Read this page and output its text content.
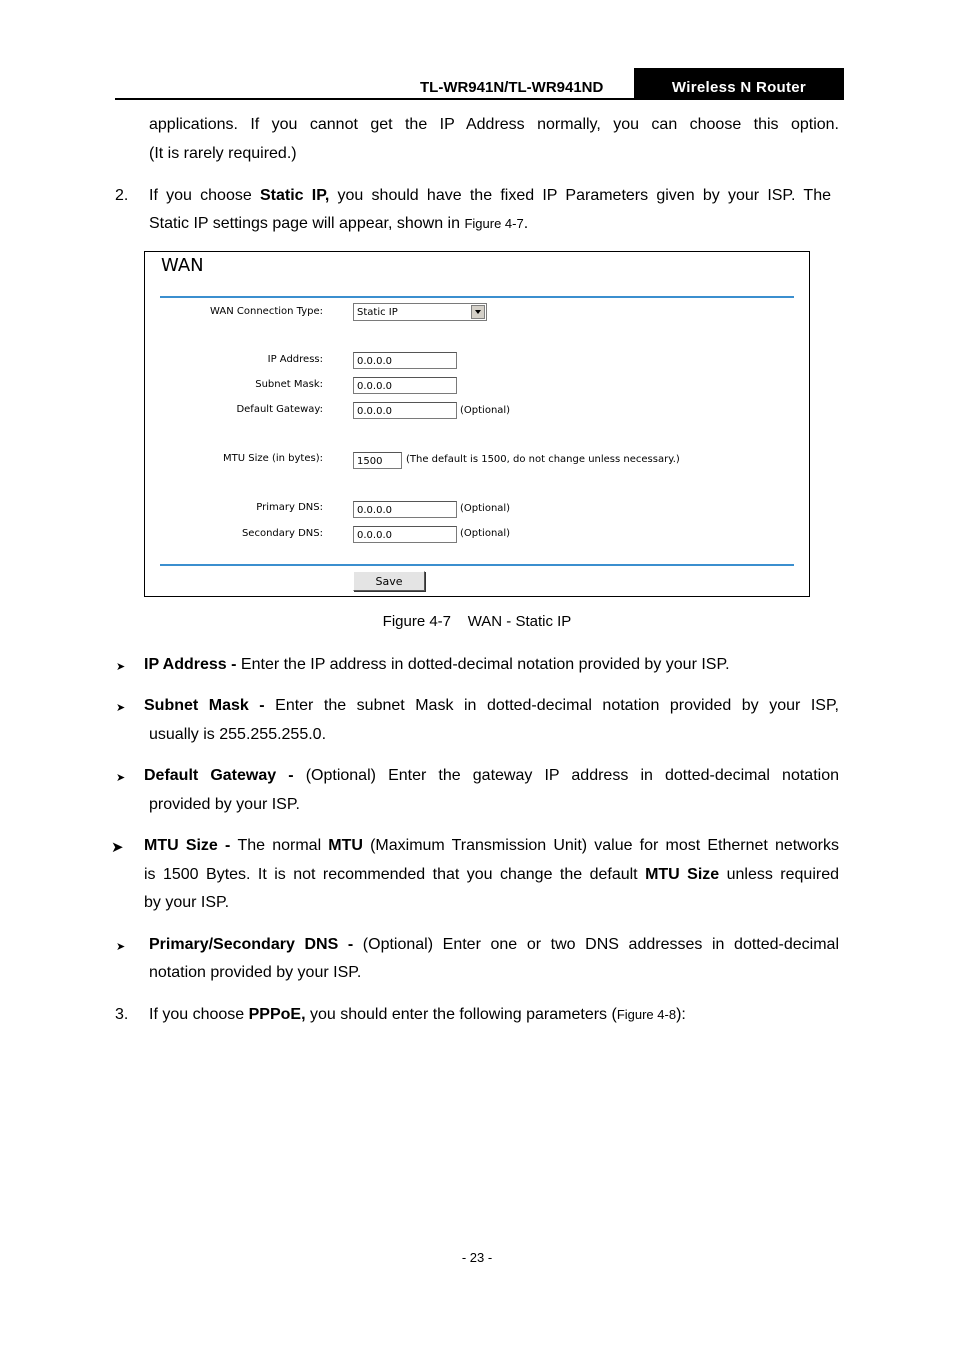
TL-WR941N/TL-WR941ND	Wireless N Router
applications. If you cannot get the IP Address normally, you can choose this option.
(It is rarely required.)
2. If you choose Static IP, you should have the fixed IP Parameters given by your ISP. The
Static IP settings page will appear, shown in Figure 4-7.
WAN
WAN Connection Type:	Static IP
IP Address:	0.0.0.0
Subnet Mask:	0.0.0.0
Default Gateway:	0.0.0.0	(Optional)
MTU Size (in bytes):	1500	(The default is 1500, do not change unless necessary.)
Primary DNS:	0.0.0.0	(Optional)
Secondary DNS:	0.0.0.0	(Optional)
Save
Figure 4-7    WAN - Static IP
➤ IP Address - Enter the IP address in dotted-decimal notation provided by your ISP.
➤ Subnet  Mask  -  Enter  the  subnet  Mask  in  dotted-decimal  notation  provided  by  your  ISP,
usually is 255.255.255.0.
➤ Default  Gateway  -  (Optional)  Enter  the  gateway  IP  address  in  dotted-decimal  notation
provided by your ISP.
➤ MTU Size - The normal MTU (Maximum Transmission Unit) value for most Ethernet networks
is 1500 Bytes. It is not recommended that you change the default MTU Size unless required
by your ISP.
➤ Primary/Secondary  DNS  -  (Optional)  Enter  one  or  two  DNS  addresses  in  dotted-decimal
notation provided by your ISP.
3. If you choose PPPoE, you should enter the following parameters (Figure 4-8):
- 23 -
